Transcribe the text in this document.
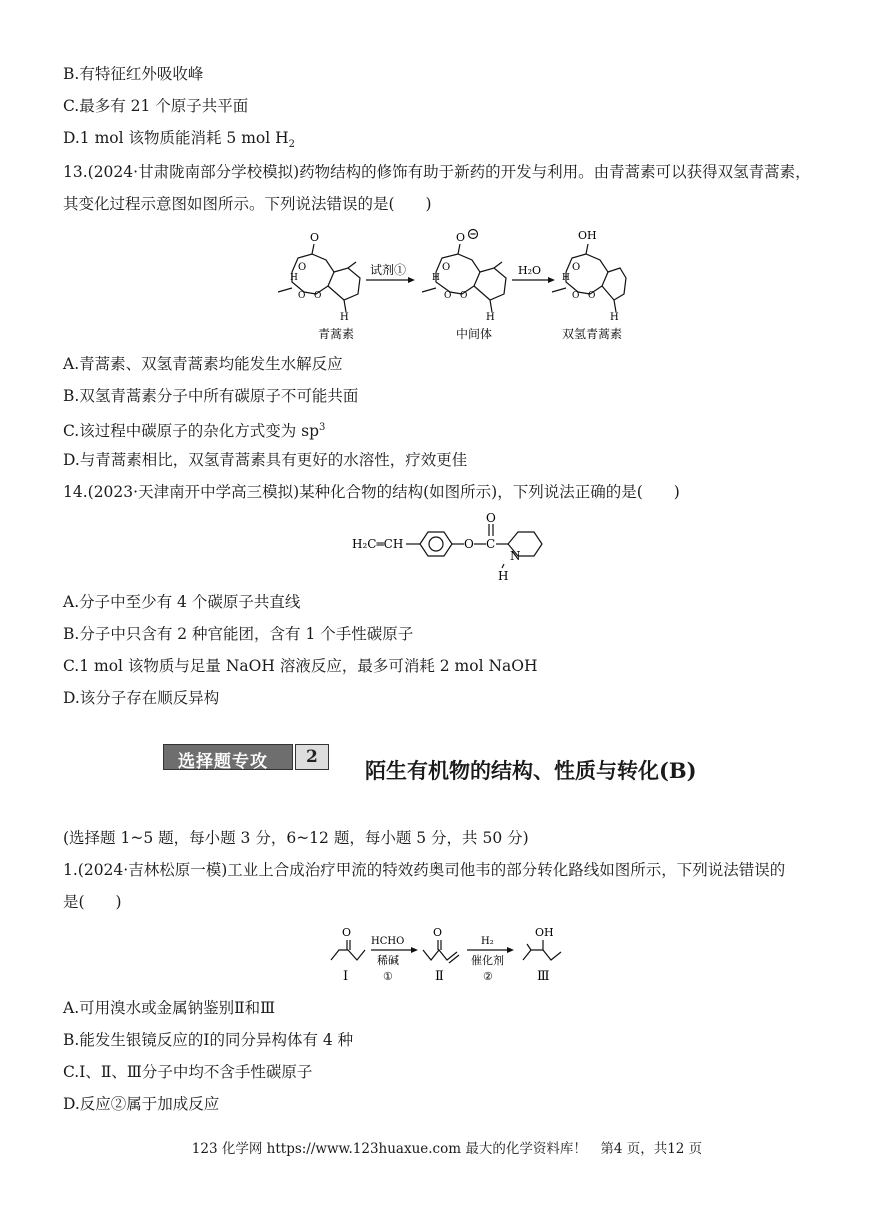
B.有特征红外吸收峰
C.最多有 21 个原子共平面
D.1 mol 该物质能消耗 5 mol $H_2$
13.(2024·甘肃陇南部分学校模拟)药物结构的修饰有助于新药的开发与利用。由青蒿素可以获得双氢青蒿素，
其变化过程示意图如图所示。下列说法错误的是(　　)
O
O
H
O O
H
青蒿素
试剂①
O
O
H
O O
H
中间体
H₂O
OH
O
H
O O
H
双氢青蒿素
A.青蒿素、双氢青蒿素均能发生水解反应
B.双氢青蒿素分子中所有碳原子不可能共面
C.该过程中碳原子的杂化方式变为 $sp^3$
D.与青蒿素相比，双氢青蒿素具有更好的水溶性，疗效更佳
14.(2023·天津南开中学高三模拟)某种化合物的结构(如图所示)，下列说法正确的是(　　)
H₂C═CH	O C
O
N
H
A.分子中至少有 4 个碳原子共直线
B.分子中只含有 2 种官能团，含有 1 个手性碳原子
C.1 mol 该物质与足量 NaOH 溶液反应，最多可消耗 2 mol NaOH
D.该分子存在顺反异构
选择题专攻 2
陌生有机物的结构、性质与转化(B)
(选择题 1~5 题，每小题 3 分，6~12 题，每小题 5 分，共 50 分)
1.(2024·吉林松原一模)工业上合成治疗甲流的特效药奥司他韦的部分转化路线如图所示，下列说法错误的
是(　　)
O
Ⅰ
HCHO
稀碱
①
O
Ⅱ
H₂
催化剂
②
OH
Ⅲ
A.可用溴水或金属钠鉴别Ⅱ和Ⅲ
B.能发生银镜反应的Ⅰ的同分异构体有 4 种
C.Ⅰ、Ⅱ、Ⅲ分子中均不含手性碳原子
D.反应②属于加成反应
123 化学网 https://www.123huaxue.com 最大的化学资料库！　第4 页，共12 页
